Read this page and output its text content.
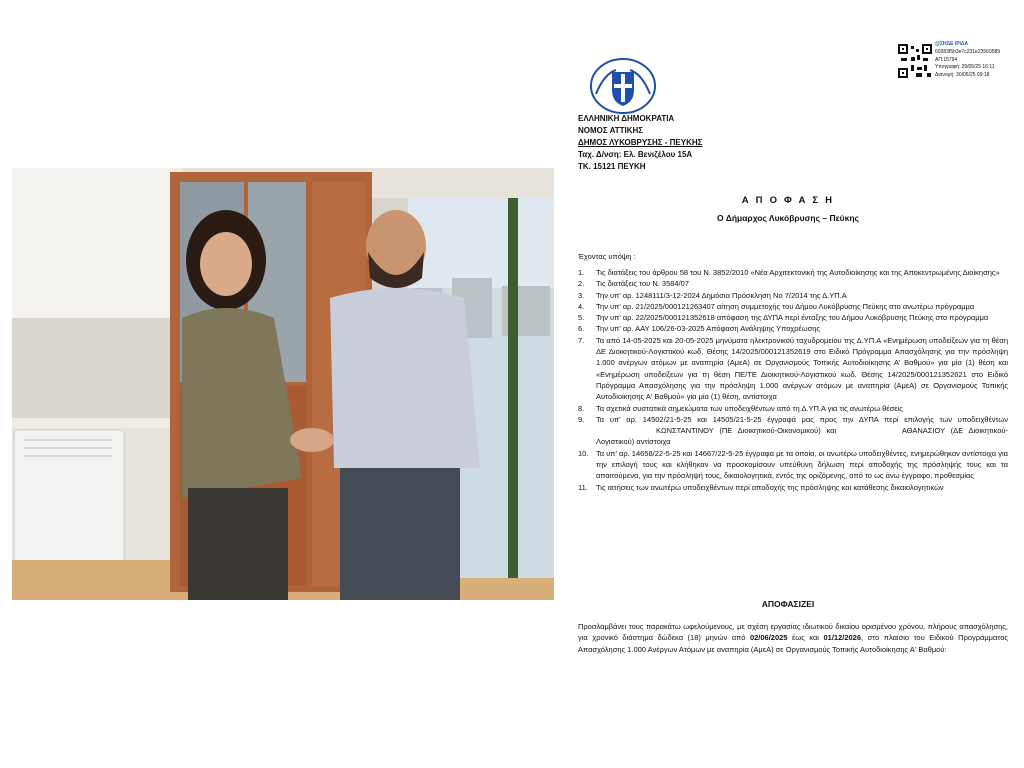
@ΣΗΔΕ ΙΡΙΔΑ
60383f5b3e7c231e23560589
ΑΠ:15794
Υπογραφή: 29/05/25 16:11
Διανομή: 30/05/25 09:18
ΕΛΛΗΝΙΚΗ ΔΗΜΟΚΡΑΤΙΑ
ΝΟΜΟΣ ΑΤΤΙΚΗΣ
ΔΗΜΟΣ ΛΥΚΟΒΡΥΣΗΣ - ΠΕΥΚΗΣ
Ταχ. Δ/νση: Ελ. Βενιζέλου 15Α
ΤΚ. 15121 ΠΕΥΚΗ
Α Π Ο Φ Α Σ Η
Ο Δήμαρχος Λυκόβρυσης – Πεύκης
Έχοντας υπόψη :
1.	Τις διατάξεις του άρθρου 58 του Ν. 3852/2010 «Νέα Αρχιτεκτονική της Αυτοδιοίκησης και της Αποκεντρωμένης Διοίκησης»
2.	Τις διατάξεις του Ν. 3584/07
3.	Την υπ' αρ. 1248111/3-12-2024 Δημόσια Πρόσκληση Νο 7/2014 της Δ.ΥΠ.Α
4.	Την υπ' αρ. 21/2025/000121263407 αίτηση συμμετοχής του Δήμου Λυκόβρυσης Πεύκης στο ανωτέρω πρόγραμμα
5.	Την υπ' αρ. 22/2025/000121352618 απόφαση της ΔΥΠΑ περί ένταξης του Δήμου Λυκόβρυσης Πεύκης στο πρόγραμμα
6.	Την υπ' αρ. ΑΑΥ 106/26-03-2025 Απόφαση Ανάληψης Υποχρέωσης
7.	Τα από 14-05-2025 και 20-05-2025 μηνύματα ηλεκτρονικού ταχυδρομείου της Δ.ΥΠ.Α «Ενημέρωση υποδείξεων για τη θέση ΔΕ Διοικητικού-Λογιστικού κωδ. Θέσης 14/2025/000121352619 στο Ειδικό Πρόγραμμα Απασχόλησης για την πρόσληψη 1.000 ανέργων ατόμων με αναπηρία (ΑμεΑ) σε Οργανισμούς Τοπικής Αυτοδιοίκησης Α' Βαθμού» για μία (1) θέση και «Ενημέρωση υποδείξεων για τη θέση ΠΕ/ΤΕ Διοικητικού-Λογιστικού κωδ. Θέσης 14/2025/000121352621 στο Ειδικό Πρόγραμμα Απασχόλησης για την πρόσληψη 1.000 ανέργων ατόμων με αναπηρία (ΑμεΑ) σε Οργανισμούς Τοπικής Αυτοδιοίκησης Α' Βαθμού» για μία (1) θέση, αντίστοιχα
8.	Τα σχετικά συστατικά σημειώματα των υποδειχθέντων από τη Δ.ΥΠ.Α για τις ανωτέρω θέσεις
9.	Τα υπ' αρ. 14502/21-5-25 και 14505/21-5-25 έγγραφά μας προς την ΔΥΠΑ περί επιλογής των υποδειχθέντων ΚΩΝΣΤΑΝΤΙΝΟΥ (ΠΕ Διοικητικού-Οικονομικού) και	ΑΘΑΝΑΣΙΟΥ (ΔΕ Διοικητικού-Λογιστικού) αντίστοιχα
10.	Τα υπ' αρ. 14658/22-5-25 και 14667/22-5-25 έγγραφα με τα οποία, οι ανωτέρω υποδειχθέντες, ενημερώθηκαν αντίστοιχα για την επιλογή τους και κλήθηκαν να προσκομίσουν υπεύθυνη δήλωση περί αποδοχής της πρόσληψής τους και τα απαιτούμενα, για την πρόσληψή τους, δικαιολογητικά, εντός της οριζόμενης, από το ως άνω έγγραφο, προθεσμίας
11.	Τις αιτήσεις των ανωτέρω υποδειχθέντων περί αποδοχής της πρόσληψης και κατάθεσης δικαιολογητικών
ΑΠΟΦΑΣΙΖΕΙ

Προσλαμβάνει τους παρακάτω ωφελούμενους, με σχέση εργασίας ιδιωτικού δικαίου ορισμένου χρόνου, πλήρους απασχόλησης, για χρονικό διάστημα δώδεκα (18) μηνών από 02/06/2025 έως και 01/12/2026, στο πλαίσιο του Ειδικού Προγράμματος Απασχόλησης 1.000 Ανέργων Ατόμων με αναπηρία (ΑμεΑ) σε Οργανισμούς Τοπικής Αυτοδιοίκησης Α' Βαθμού:
